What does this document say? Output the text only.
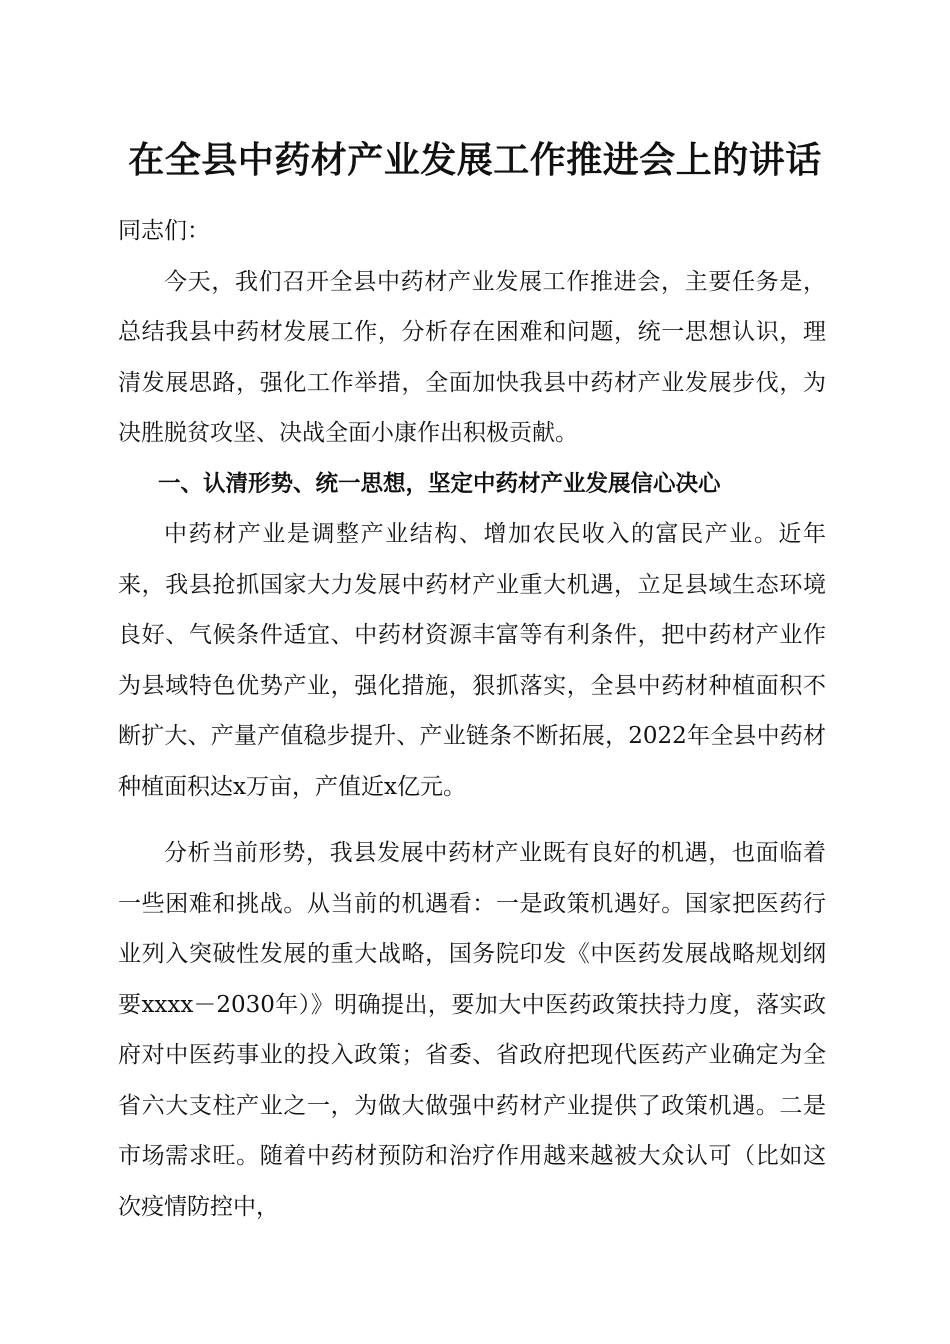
在全县中药材产业发展工作推进会上的讲话

同志们：

今天，我们召开全县中药材产业发展工作推进会，主要任务是，总结我县中药材发展工作，分析存在困难和问题，统一思想认识，理清发展思路，强化工作举措，全面加快我县中药材产业发展步伐，为决胜脱贫攻坚、决战全面小康作出积极贡献。

一、认清形势、统一思想，坚定中药材产业发展信心决心

中药材产业是调整产业结构、增加农民收入的富民产业。近年来，我县抢抓国家大力发展中药材产业重大机遇，立足县域生态环境良好、气候条件适宜、中药材资源丰富等有利条件，把中药材产业作为县域特色优势产业，强化措施，狠抓落实，全县中药材种植面积不断扩大、产量产值稳步提升、产业链条不断拓展，2022年全县中药材种植面积达x万亩，产值近x亿元。

分析当前形势，我县发展中药材产业既有良好的机遇，也面临着一些困难和挑战。从当前的机遇看：一是政策机遇好。国家把医药行业列入突破性发展的重大战略，国务院印发《中医药发展战略规划纲要xxxx－2030年）》明确提出，要加大中医药政策扶持力度，落实政府对中医药事业的投入政策；省委、省政府把现代医药产业确定为全省六大支柱产业之一，为做大做强中药材产业提供了政策机遇。二是市场需求旺。随着中药材预防和治疗作用越来越被大众认可（比如这次疫情防控中，
